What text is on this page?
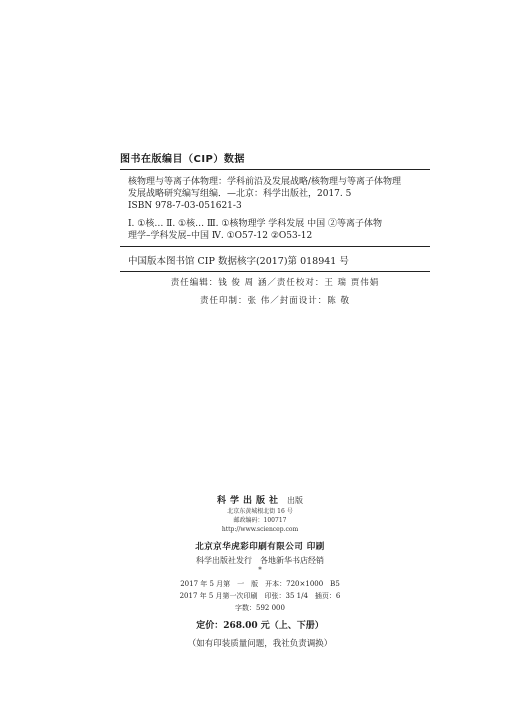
图书在版编目（CIP）数据
核物理与等离子体物理：学科前沿及发展战略/核物理与等离子体物理
发展战略研究编写组编．—北京：科学出版社，2017. 5
ISBN 978-7-03-051621-3
Ⅰ. ①核… Ⅱ. ①核… Ⅲ. ①核物理学 学科发展 中国 ②等离子体物
理学–学科发展–中国 Ⅳ. ①O57-12 ②O53-12
中国版本图书馆 CIP 数据核字(2017)第 018941 号
责任编辑：钱 俊 周 涵／责任校对：王 瑞 贾伟娟
责任印制：张 伟／封面设计：陈 敬
科学出版社 出版
北京东黄城根北街 16 号
邮政编码：100717
http://www.sciencep.com
北京京华虎彩印刷有限公司 印刷
科学出版社发行　各地新华书店经销
*
2017 年 5 月第　一　版　开本：720×1000　B5
2017 年 5 月第一次印刷　印张：35 1/4　插页：6
字数：592 000
定价：268.00 元（上、下册）
（如有印装质量问题，我社负责调换）
